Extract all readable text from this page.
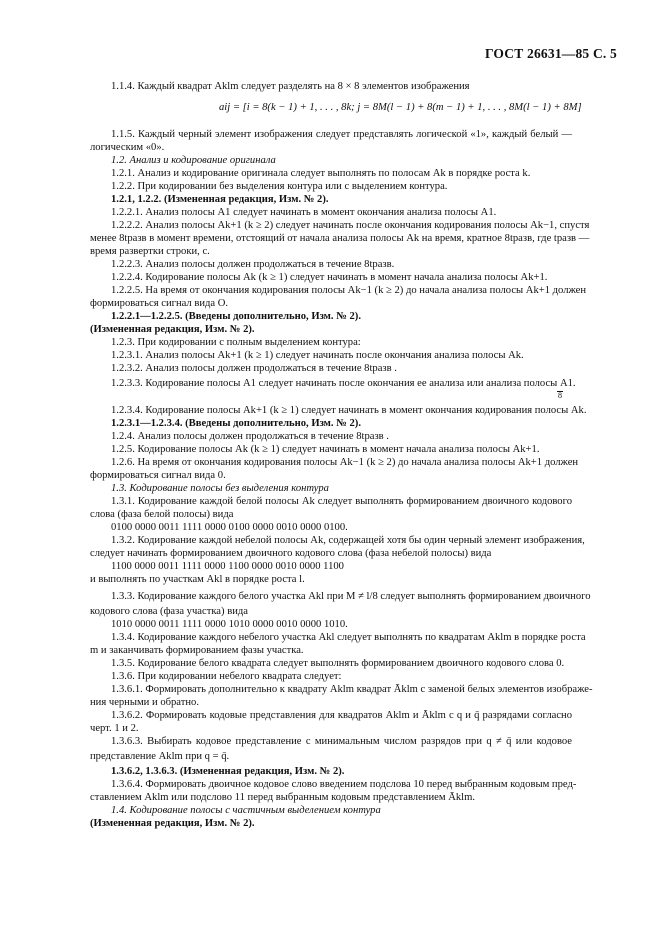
ГОСТ 26631—85 С. 5
1.1.4. Каждый квадрат Aklm следует разделять на 8 × 8 элементов изображения
aij = [i = 8(k − 1) + 1, . . . , 8k; j = 8M(l − 1) + 8(m − 1) + 1, . . . , 8M(l − 1) + 8M]
1.1.5. Каждый черный элемент изображения следует представлять логической «1», каждый белый —
логическим «0».
1.2. Анализ и кодирование оригинала
1.2.1. Анализ и кодирование оригинала следует выполнять по полосам Ak в порядке роста k.
1.2.2. При кодировании без выделения контура или с выделением контура.
1.2.1, 1.2.2. (Измененная редакция, Изм. № 2).
1.2.2.1. Анализ полосы A1 следует начинать в момент окончания анализа полосы A1.
1.2.2.2. Анализ полосы Ak+1 (k ≥ 2) следует начинать после окончания кодирования полосы Ak−1, спустя
менее 8tразв в момент времени, отстоящий от начала анализа полосы Ak на время, кратное 8tразв, где tразв —
время развертки строки, с.
1.2.2.3. Анализ полосы должен продолжаться в течение 8tразв.
1.2.2.4. Кодирование полосы Ak (k ≥ 1) следует начинать в момент начала анализа полосы Ak+1.
1.2.2.5. На время от окончания кодирования полосы Ak−1 (k ≥ 2) до начала анализа полосы Ak+1 должен
формироваться сигнал вида О.
1.2.2.1—1.2.2.5. (Введены дополнительно, Изм. № 2).
(Измененная редакция, Изм. № 2).
1.2.3. При кодировании с полным выделением контура:
1.2.3.1. Анализ полосы Ak+1 (k ≥ 1) следует начинать после окончания анализа полосы Ak.
1.2.3.2. Анализ полосы должен продолжаться в течение 8tразв .
1.2.3.3. Кодирование полосы A1 следует начинать после окончания ее анализа или анализа полосы A1.
8
1.2.3.4. Кодирование полосы Ak+1 (k ≥ 1) следует начинать в момент окончания кодирования полосы Ak.
1.2.3.1—1.2.3.4. (Введены дополнительно, Изм. № 2).
1.2.4. Анализ полосы должен продолжаться в течение 8tразв .
1.2.5. Кодирование полосы Ak (k ≥ 1) следует начинать в момент начала анализа полосы Ak+1.
1.2.6. На время от окончания кодирования полосы Ak−1 (k ≥ 2) до начала анализа полосы Ak+1 должен
формироваться сигнал вида 0.
1.3. Кодирование полосы без выделения контура
1.3.1. Кодирование каждой белой полосы Ak следует выполнять формированием двоичного кодового
слова (фаза белой полосы) вида
0100 0000 0011 1111 0000 0100 0000 0010 0000 0100.
1.3.2. Кодирование каждой небелой полосы Ak, содержащей хотя бы один черный элемент изображения,
следует начинать формированием двоичного кодового слова (фаза небелой полосы) вида
1100 0000 0011 1111 0000 1100 0000 0010 0000 1100
и выполнять по участкам Akl в порядке роста l.
1.3.3. Кодирование каждого белого участка Akl при M ≠ l/8 следует выполнять формированием двоичного
кодового слова (фаза участка) вида
1010 0000 0011 1111 0000 1010 0000 0010 0000 1010.
1.3.4. Кодирование каждого небелого участка Akl следует выполнять по квадратам Aklm в порядке роста
m и заканчивать формированием фазы участка.
1.3.5. Кодирование белого квадрата следует выполнять формированием двоичного кодового слова 0.
1.3.6. При кодировании небелого квадрата следует:
1.3.6.1. Формировать дополнительно к квадрату Aklm квадрат Āklm с заменой белых элементов изображе-
ния черными и обратно.
1.3.6.2. Формировать кодовые представления для квадратов Aklm и Āklm с q и q̄ разрядами согласно
черт. 1 и 2.
1.3.6.3. Выбирать кодовое представление с минимальным числом разрядов при q ≠ q̄ или кодовое
представление Aklm при q = q̄.
1.3.6.2, 1.3.6.3. (Измененная редакция, Изм. № 2).
1.3.6.4. Формировать двоичное кодовое слово введением подслова 10 перед выбранным кодовым пред-
ставлением Aklm или подслово 11 перед выбранным кодовым представлением Āklm.
1.4. Кодирование полосы с частичным выделением контура
(Измененная редакция, Изм. № 2).
